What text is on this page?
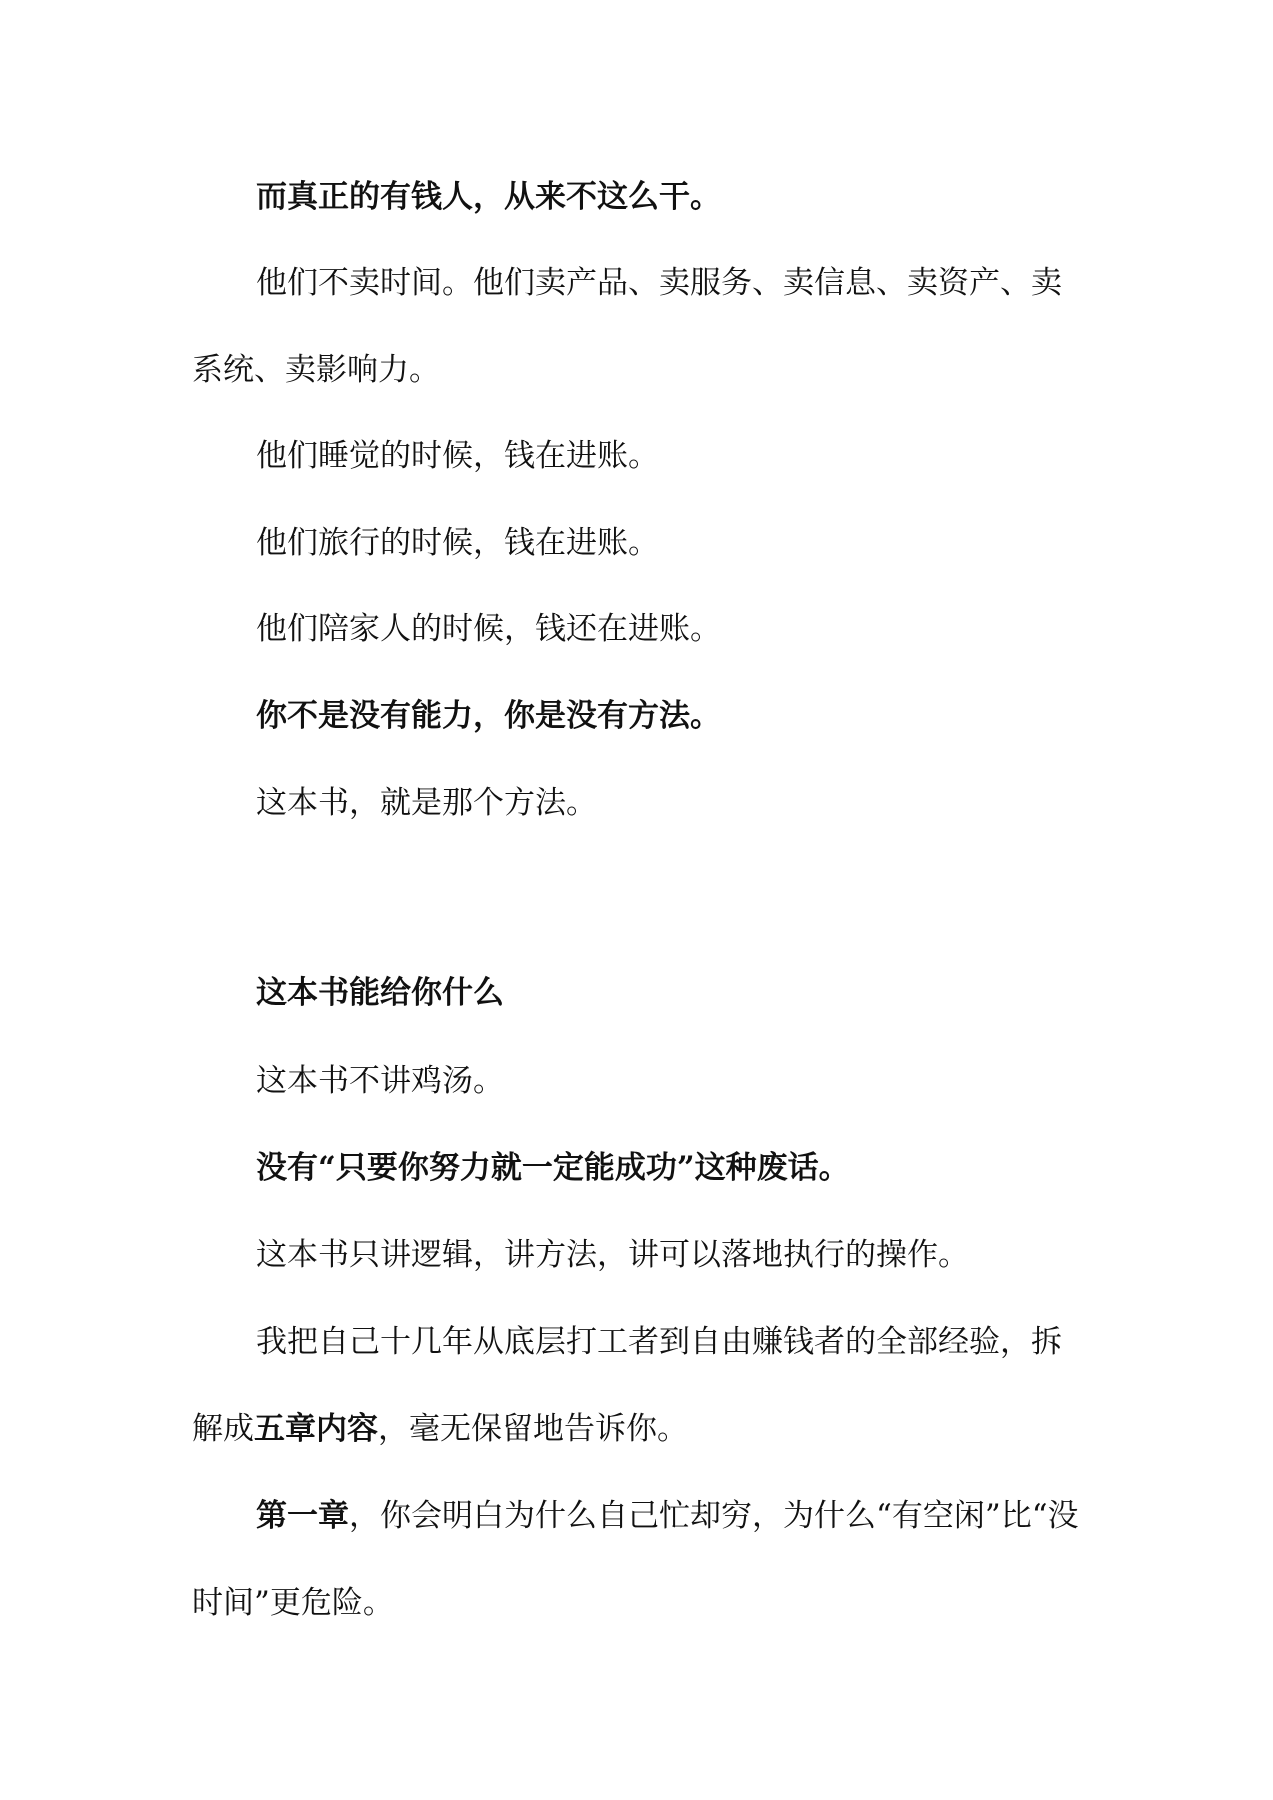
而真正的有钱人，从来不这么干。

他们不卖时间。他们卖产品、卖服务、卖信息、卖资产、卖系统、卖影响力。

他们睡觉的时候，钱在进账。

他们旅行的时候，钱在进账。

他们陪家人的时候，钱还在进账。

你不是没有能力，你是没有方法。

这本书，就是那个方法。

这本书能给你什么

这本书不讲鸡汤。

没有“只要你努力就一定能成功”这种废话。

这本书只讲逻辑，讲方法，讲可以落地执行的操作。

我把自己十几年从底层打工者到自由赚钱者的全部经验，拆解成五章内容，毫无保留地告诉你。

第一章，你会明白为什么自己忙却穷，为什么“有空闲”比“没时间”更危险。
